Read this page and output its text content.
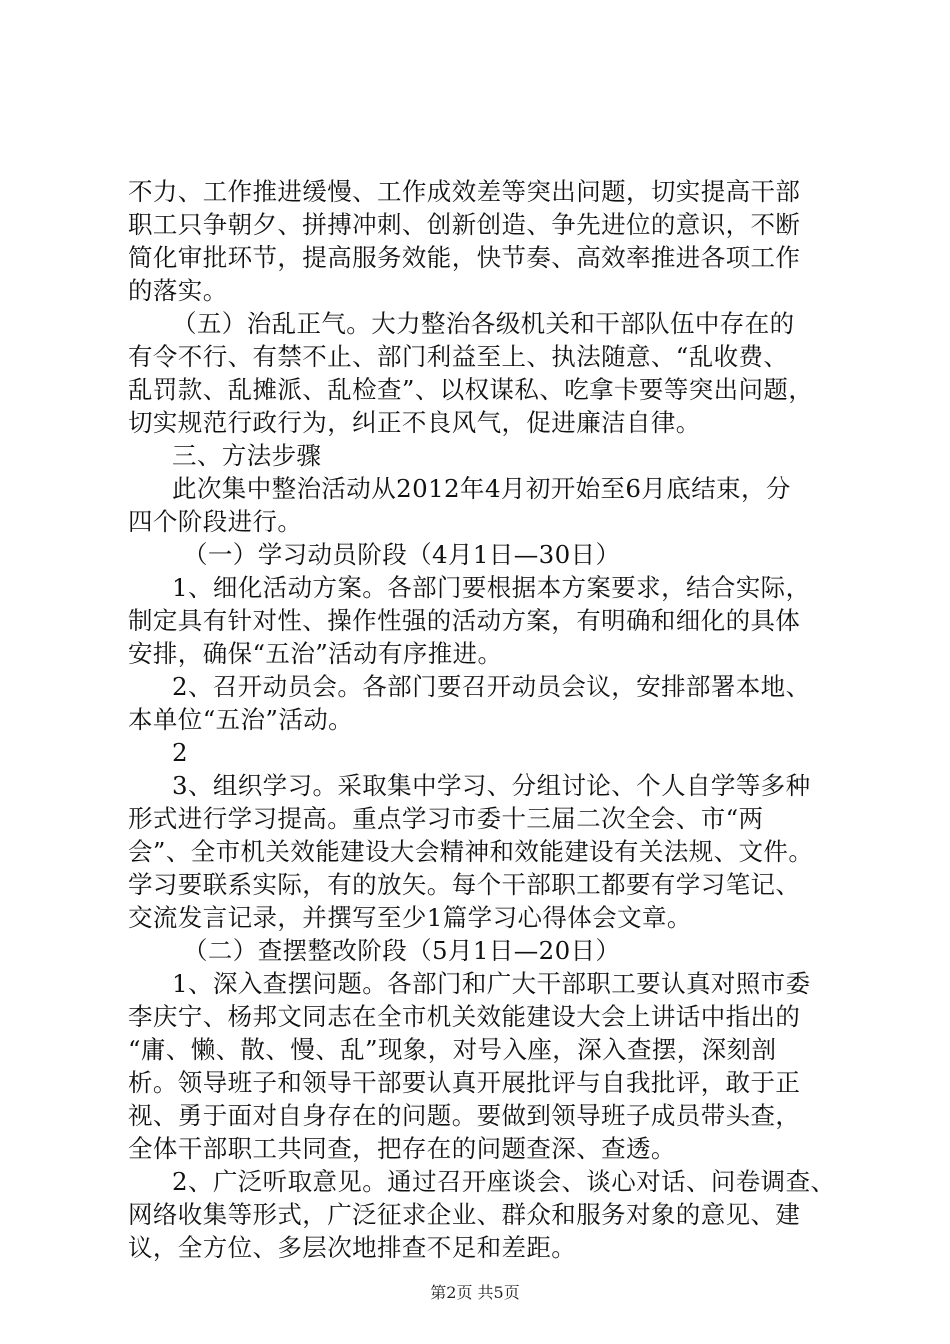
不力、工作推进缓慢、工作成效差等突出问题，切实提高干部
职工只争朝夕、拼搏冲刺、创新创造、争先进位的意识，不断
简化审批环节，提高服务效能，快节奏、高效率推进各项工作
的落实。
（五）治乱正气。大力整治各级机关和干部队伍中存在的
有令不行、有禁不止、部门利益至上、执法随意、“乱收费、
乱罚款、乱摊派、乱检查”、以权谋私、吃拿卡要等突出问题，
切实规范行政行为，纠正不良风气，促进廉洁自律。
三、方法步骤
此次集中整治活动从2012年4月初开始至6月底结束，分
四个阶段进行。
（一）学习动员阶段（4月1日—30日）
1、细化活动方案。各部门要根据本方案要求，结合实际，
制定具有针对性、操作性强的活动方案，有明确和细化的具体
安排，确保“五治”活动有序推进。
2、召开动员会。各部门要召开动员会议，安排部署本地、
本单位“五治”活动。
2
3、组织学习。采取集中学习、分组讨论、个人自学等多种
形式进行学习提高。重点学习市委十三届二次全会、市“两
会”、全市机关效能建设大会精神和效能建设有关法规、文件。
学习要联系实际，有的放矢。每个干部职工都要有学习笔记、
交流发言记录，并撰写至少1篇学习心得体会文章。
（二）查摆整改阶段（5月1日—20日）
1、深入查摆问题。各部门和广大干部职工要认真对照市委
李庆宁、杨邦文同志在全市机关效能建设大会上讲话中指出的
“庸、懒、散、慢、乱”现象，对号入座，深入查摆，深刻剖
析。领导班子和领导干部要认真开展批评与自我批评，敢于正
视、勇于面对自身存在的问题。要做到领导班子成员带头查，
全体干部职工共同查，把存在的问题查深、查透。
2、广泛听取意见。通过召开座谈会、谈心对话、问卷调查、
网络收集等形式，广泛征求企业、群众和服务对象的意见、建
议，全方位、多层次地排查不足和差距。
第2页 共5页
